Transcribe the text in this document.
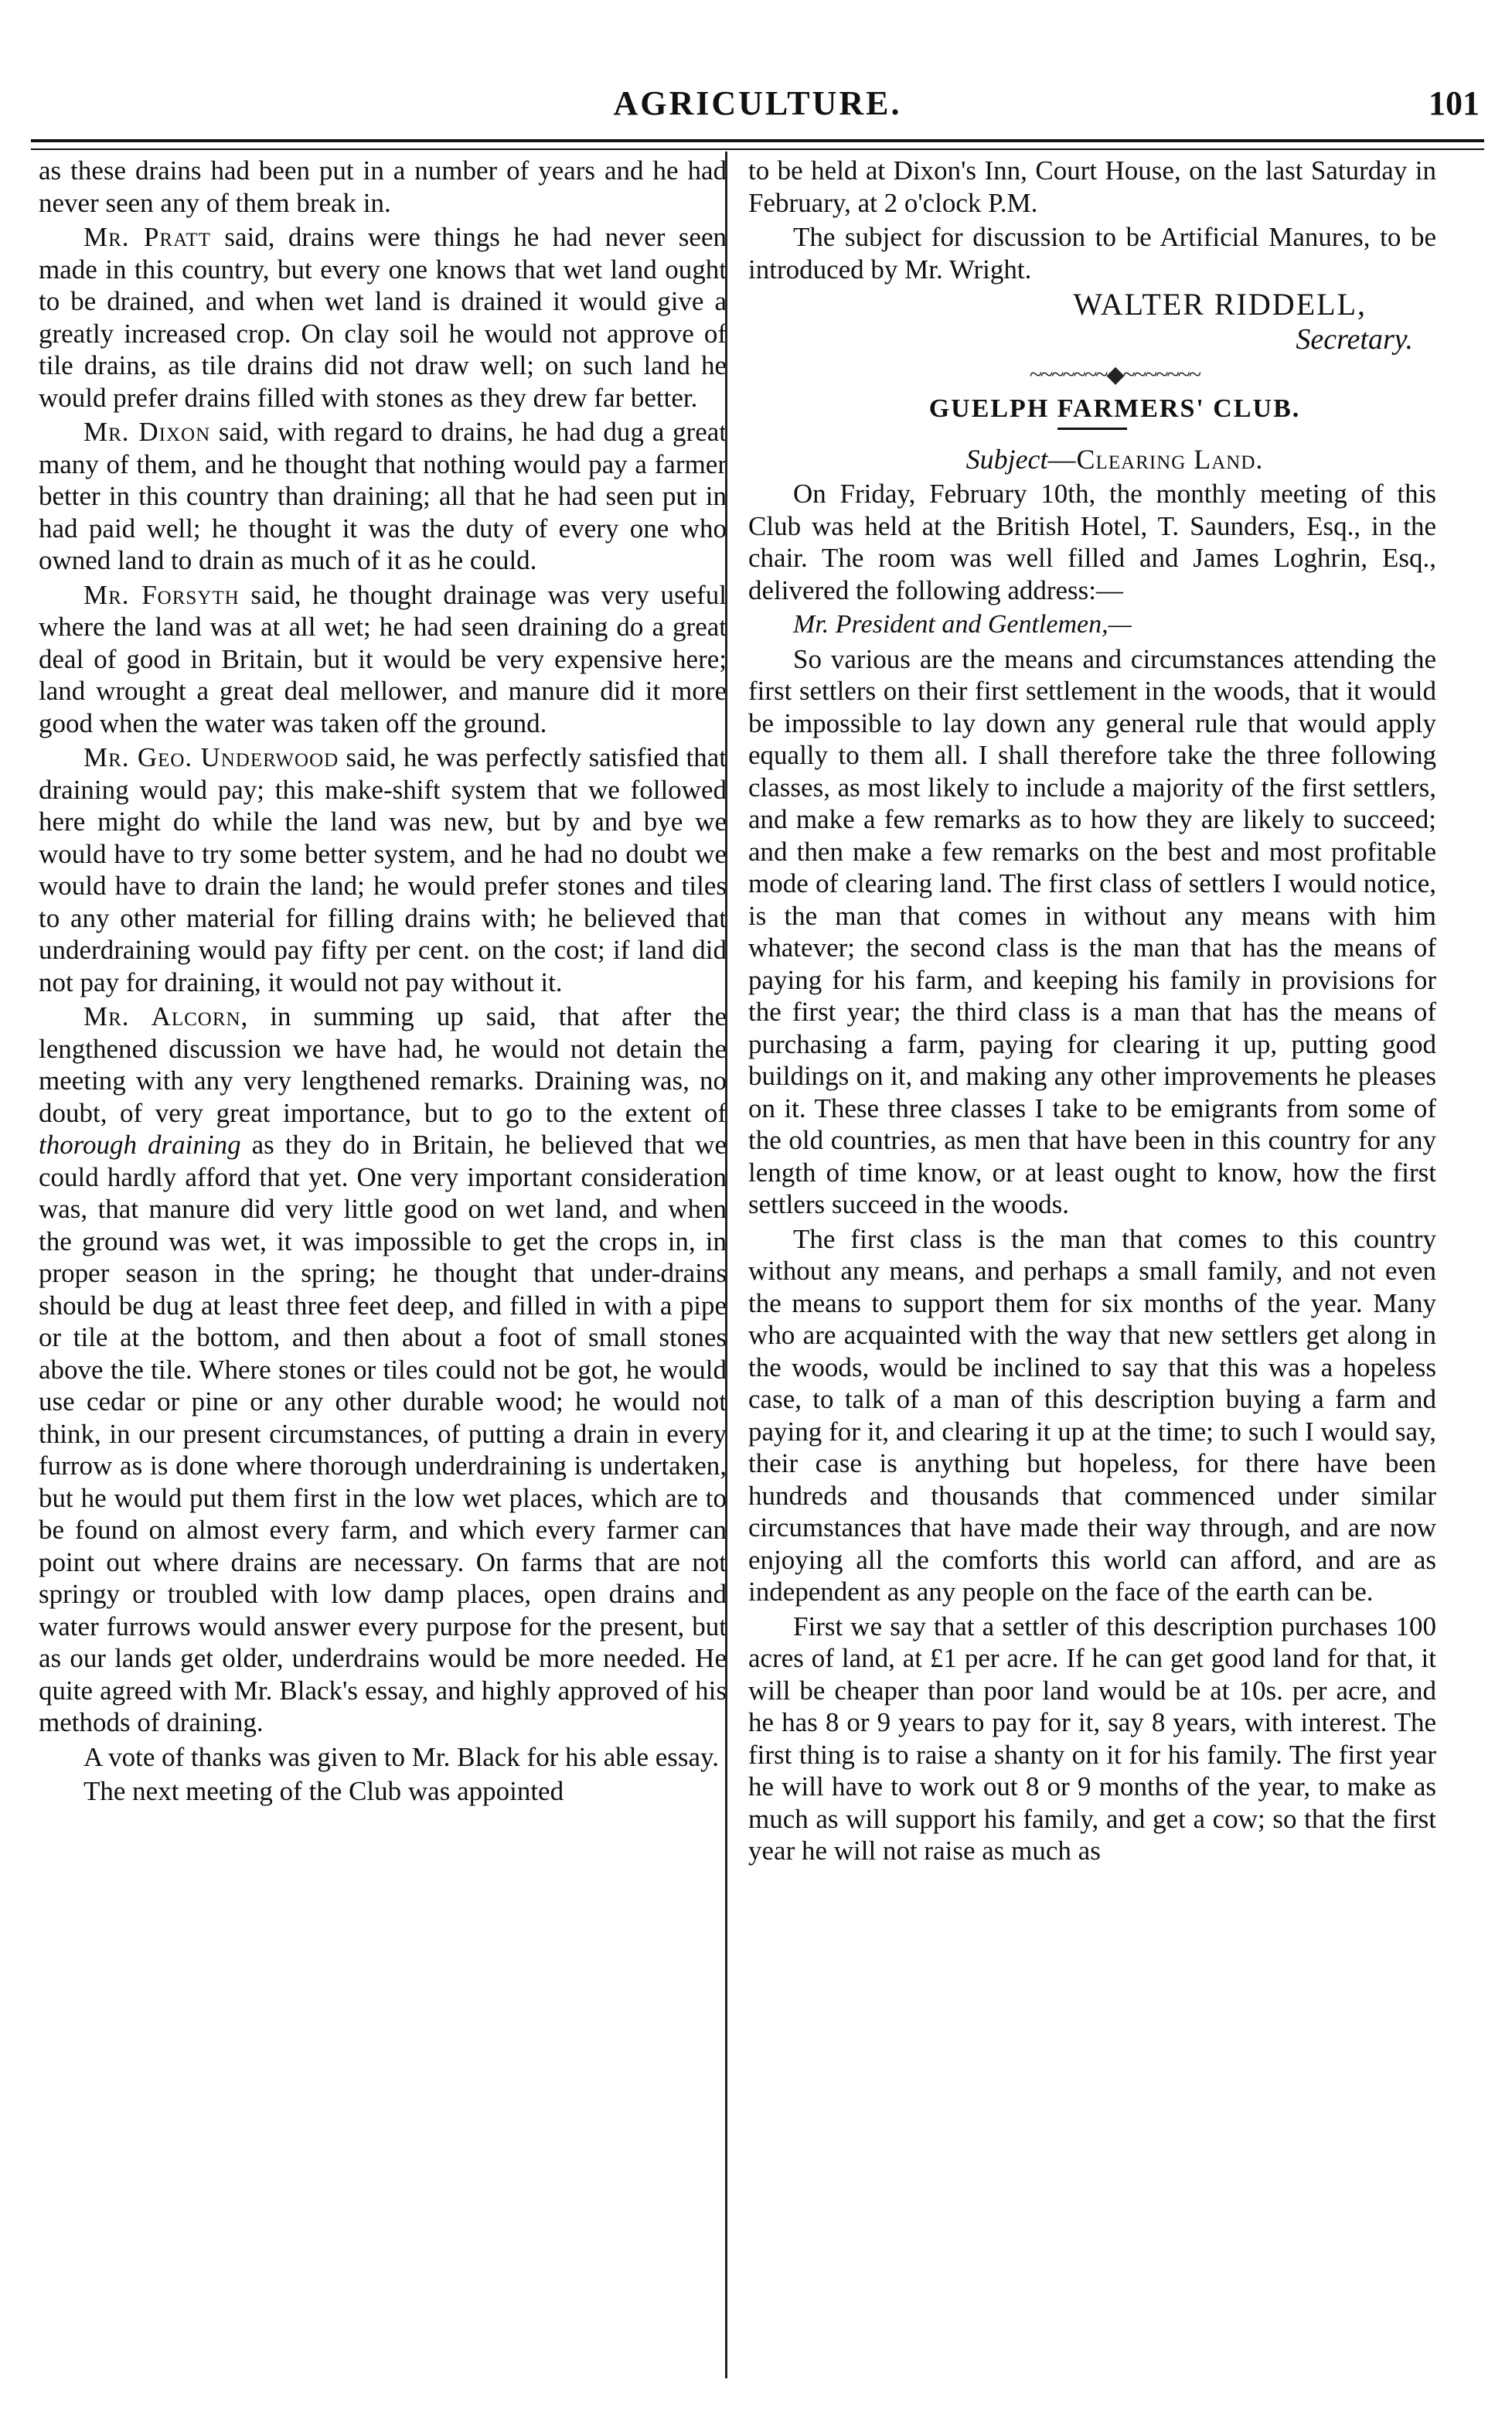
AGRICULTURE.	101

as these drains had been put in a number of years and he had never seen any of them break in.

Mr. Pratt said, drains were things he had never seen made in this country, but every one knows that wet land ought to be drained, and when wet land is drained it would give a greatly increased crop. On clay soil he would not approve of tile drains, as tile drains did not draw well; on such land he would prefer drains filled with stones as they drew far better.

Mr. Dixon said, with regard to drains, he had dug a great many of them, and he thought that nothing would pay a farmer better in this country than draining; all that he had seen put in had paid well; he thought it was the duty of every one who owned land to drain as much of it as he could.

Mr. Forsyth said, he thought drainage was very useful where the land was at all wet; he had seen draining do a great deal of good in Britain, but it would be very expensive here; land wrought a great deal mellower, and manure did it more good when the water was taken off the ground.

Mr. Geo. Underwood said, he was perfectly satisfied that draining would pay; this make-shift system that we followed here might do while the land was new, but by and bye we would have to try some better system, and he had no doubt we would have to drain the land; he would prefer stones and tiles to any other material for filling drains with; he believed that underdraining would pay fifty per cent. on the cost; if land did not pay for draining, it would not pay without it.

Mr. Alcorn, in summing up said, that after the lengthened discussion we have had, he would not detain the meeting with any very lengthened remarks. Draining was, no doubt, of very great importance, but to go to the extent of thorough draining as they do in Britain, he believed that we could hardly afford that yet. One very important consideration was, that manure did very little good on wet land, and when the ground was wet, it was impossible to get the crops in, in proper season in the spring; he thought that under-drains should be dug at least three feet deep, and filled in with a pipe or tile at the bottom, and then about a foot of small stones above the tile. Where stones or tiles could not be got, he would use cedar or pine or any other durable wood; he would not think, in our present circumstances, of putting a drain in every furrow as is done where thorough underdraining is undertaken, but he would put them first in the low wet places, which are to be found on almost every farm, and which every farmer can point out where drains are necessary. On farms that are not springy or troubled with low damp places, open drains and water furrows would answer every purpose for the present, but as our lands get older, underdrains would be more needed. He quite agreed with Mr. Black's essay, and highly approved of his methods of draining.

A vote of thanks was given to Mr. Black for his able essay.

The next meeting of the Club was appointed

to be held at Dixon's Inn, Court House, on the last Saturday in February, at 2 o'clock P.M.

The subject for discussion to be Artificial Manures, to be introduced by Mr. Wright.

WALTER RIDDELL,

Secretary.

~~~~~~~◆~~~~~~~

GUELPH FARMERS' CLUB.

Subject—Clearing Land.

On Friday, February 10th, the monthly meeting of this Club was held at the British Hotel, T. Saunders, Esq., in the chair. The room was well filled and James Loghrin, Esq., delivered the following address:—

Mr. President and Gentlemen,—

So various are the means and circumstances attending the first settlers on their first settlement in the woods, that it would be impossible to lay down any general rule that would apply equally to them all. I shall therefore take the three following classes, as most likely to include a majority of the first settlers, and make a few remarks as to how they are likely to succeed; and then make a few remarks on the best and most profitable mode of clearing land. The first class of settlers I would notice, is the man that comes in without any means with him whatever; the second class is the man that has the means of paying for his farm, and keeping his family in provisions for the first year; the third class is a man that has the means of purchasing a farm, paying for clearing it up, putting good buildings on it, and making any other improvements he pleases on it. These three classes I take to be emigrants from some of the old countries, as men that have been in this country for any length of time know, or at least ought to know, how the first settlers succeed in the woods.

The first class is the man that comes to this country without any means, and perhaps a small family, and not even the means to support them for six months of the year. Many who are acquainted with the way that new settlers get along in the woods, would be inclined to say that this was a hopeless case, to talk of a man of this description buying a farm and paying for it, and clearing it up at the time; to such I would say, their case is anything but hopeless, for there have been hundreds and thousands that commenced under similar circumstances that have made their way through, and are now enjoying all the comforts this world can afford, and are as independent as any people on the face of the earth can be.

First we say that a settler of this description purchases 100 acres of land, at £1 per acre. If he can get good land for that, it will be cheaper than poor land would be at 10s. per acre, and he has 8 or 9 years to pay for it, say 8 years, with interest. The first thing is to raise a shanty on it for his family. The first year he will have to work out 8 or 9 months of the year, to make as much as will support his family, and get a cow; so that the first year he will not raise as much as
